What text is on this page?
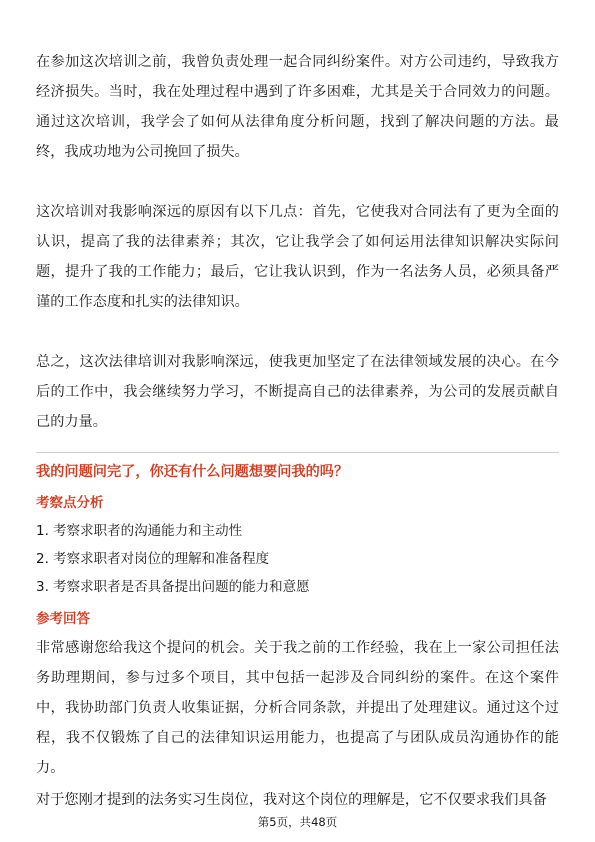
在参加这次培训之前，我曾负责处理一起合同纠纷案件。对方公司违约，导致我方经济损失。当时，我在处理过程中遇到了许多困难，尤其是关于合同效力的问题。通过这次培训，我学会了如何从法律角度分析问题，找到了解决问题的方法。最终，我成功地为公司挽回了损失。

这次培训对我影响深远的原因有以下几点：首先，它使我对合同法有了更为全面的认识，提高了我的法律素养；其次，它让我学会了如何运用法律知识解决实际问题，提升了我的工作能力；最后，它让我认识到，作为一名法务人员，必须具备严谨的工作态度和扎实的法律知识。

总之，这次法律培训对我影响深远，使我更加坚定了在法律领域发展的决心。在今后的工作中，我会继续努力学习，不断提高自己的法律素养，为公司的发展贡献自己的力量。

我的问题问完了，你还有什么问题想要问我的吗？

考察点分析

1. 考察求职者的沟通能力和主动性
2. 考察求职者对岗位的理解和准备程度
3. 考察求职者是否具备提出问题的能力和意愿

参考回答

非常感谢您给我这个提问的机会。关于我之前的工作经验，我在上一家公司担任法务助理期间，参与过多个项目，其中包括一起涉及合同纠纷的案件。在这个案件中，我协助部门负责人收集证据，分析合同条款，并提出了处理建议。通过这个过程，我不仅锻炼了自己的法律知识运用能力，也提高了与团队成员沟通协作的能力。

对于您刚才提到的法务实习生岗位，我对这个岗位的理解是，它不仅要求我们具备

第5页，共48页
